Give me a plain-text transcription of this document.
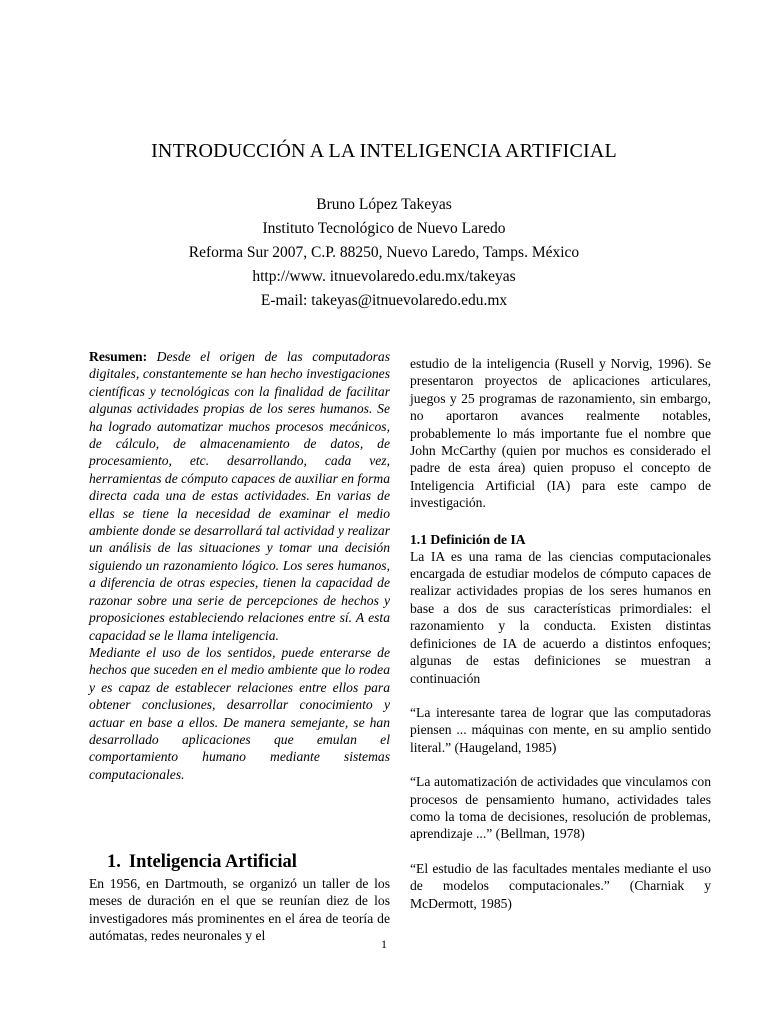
INTRODUCCIÓN A LA INTELIGENCIA ARTIFICIAL
Bruno López Takeyas
Instituto Tecnológico de Nuevo Laredo
Reforma Sur 2007, C.P. 88250, Nuevo Laredo, Tamps. México
http://www. itnuevolaredo.edu.mx/takeyas
E-mail: takeyas@itnuevolaredo.edu.mx

Resumen: Desde el origen de las computadoras digitales, constantemente se han hecho investigaciones científicas y tecnológicas con la finalidad de facilitar algunas actividades propias de los seres humanos. Se ha logrado automatizar muchos procesos mecánicos, de cálculo, de almacenamiento de datos, de procesamiento, etc. desarrollando, cada vez, herramientas de cómputo capaces de auxiliar en forma directa cada una de estas actividades. En varias de ellas se tiene la necesidad de examinar el medio ambiente donde se desarrollará tal actividad y realizar un análisis de las situaciones y tomar una decisión siguiendo un razonamiento lógico. Los seres humanos, a diferencia de otras especies, tienen la capacidad de razonar sobre una serie de percepciones de hechos y proposiciones estableciendo relaciones entre sí. A esta capacidad se le llama inteligencia.

Mediante el uso de los sentidos, puede enterarse de hechos que suceden en el medio ambiente que lo rodea y es capaz de establecer relaciones entre ellos para obtener conclusiones, desarrollar conocimiento y actuar en base a ellos. De manera semejante, se han desarrollado aplicaciones que emulan el comportamiento humano mediante sistemas computacionales.

1. Inteligencia Artificial

En 1956, en Dartmouth, se organizó un taller de los meses de duración en el que se reunían diez de los investigadores más prominentes en el área de teoría de autómatas, redes neuronales y el

estudio de la inteligencia (Rusell y Norvig, 1996). Se presentaron proyectos de aplicaciones articulares, juegos y 25 programas de razonamiento, sin embargo, no aportaron avances realmente notables, probablemente lo más importante fue el nombre que John McCarthy (quien por muchos es considerado el padre de esta área) quien propuso el concepto de Inteligencia Artificial (IA) para este campo de investigación.

1.1 Definición de IA

La IA es una rama de las ciencias computacionales encargada de estudiar modelos de cómputo capaces de realizar actividades propias de los seres humanos en base a dos de sus características primordiales: el razonamiento y la conducta. Existen distintas definiciones de IA de acuerdo a distintos enfoques; algunas de estas definiciones se muestran a continuación

“La interesante tarea de lograr que las computadoras piensen ... máquinas con mente, en su amplio sentido literal.” (Haugeland, 1985)

“La automatización de actividades que vinculamos con procesos de pensamiento humano, actividades tales como la toma de decisiones, resolución de problemas, aprendizaje ...” (Bellman, 1978)

“El estudio de las facultades mentales mediante el uso de modelos computacionales.” (Charniak y McDermott, 1985)

1
